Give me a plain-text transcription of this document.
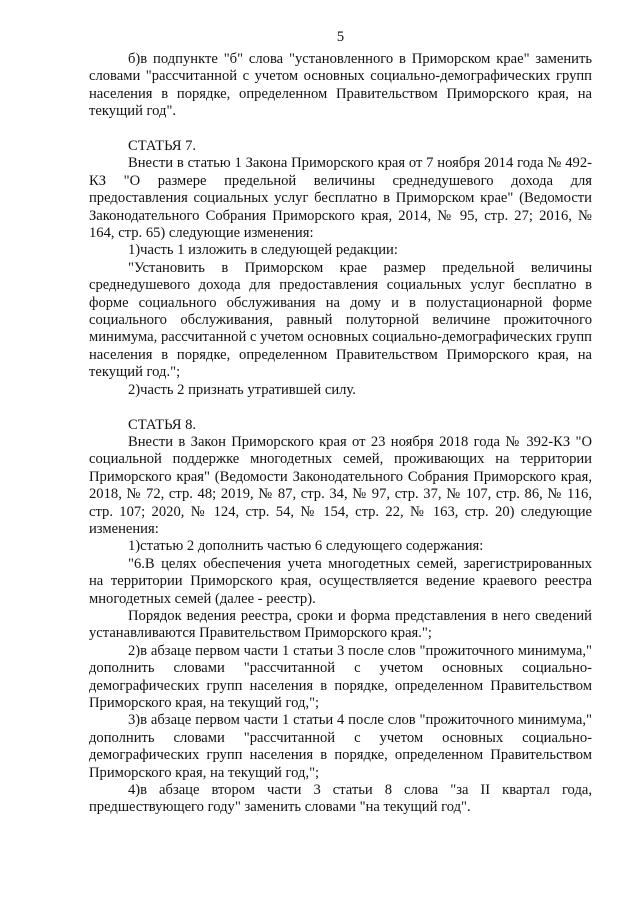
5

б)в подпункте "б" слова "установленного в Приморском крае" заменить словами "рассчитанной с учетом основных социально-демографических групп населения в порядке, определенном Правительством Приморского края, на текущий год".

СТАТЬЯ 7.

Внести в статью 1 Закона Приморского края от 7 ноября 2014 года № 492-КЗ "О размере предельной величины среднедушевого дохода для предоставления социальных услуг бесплатно в Приморском крае" (Ведомости Законодательного Собрания Приморского края, 2014, № 95, стр. 27; 2016, № 164, стр. 65) следующие изменения:

1)часть 1 изложить в следующей редакции:

"Установить в Приморском крае размер предельной величины среднедушевого дохода для предоставления социальных услуг бесплатно в форме социального обслуживания на дому и в полустационарной форме социального обслуживания, равный полуторной величине прожиточного минимума, рассчитанной с учетом основных социально-демографических групп населения в порядке, определенном Правительством Приморского края, на текущий год.";

2)часть 2 признать утратившей силу.

СТАТЬЯ 8.

Внести в Закон Приморского края от 23 ноября 2018 года № 392-КЗ "О социальной поддержке многодетных семей, проживающих на территории Приморского края" (Ведомости Законодательного Собрания Приморского края, 2018, № 72, стр. 48; 2019, № 87, стр. 34, № 97, стр. 37, № 107, стр. 86, № 116, стр. 107; 2020, № 124, стр. 54, № 154, стр. 22, № 163, стр. 20) следующие изменения:

1)статью 2 дополнить частью 6 следующего содержания:

"6.В целях обеспечения учета многодетных семей, зарегистрированных на территории Приморского края, осуществляется ведение краевого реестра многодетных семей (далее - реестр).

Порядок ведения реестра, сроки и форма представления в него сведений устанавливаются Правительством Приморского края.";

2)в абзаце первом части 1 статьи 3 после слов "прожиточного минимума," дополнить словами "рассчитанной с учетом основных социально-демографических групп населения в порядке, определенном Правительством Приморского края, на текущий год,";

3)в абзаце первом части 1 статьи 4 после слов "прожиточного минимума," дополнить словами "рассчитанной с учетом основных социально-демографических групп населения в порядке, определенном Правительством Приморского края, на текущий год,";

4)в абзаце втором части 3 статьи 8 слова "за II квартал года, предшествующего году" заменить словами "на текущий год".
